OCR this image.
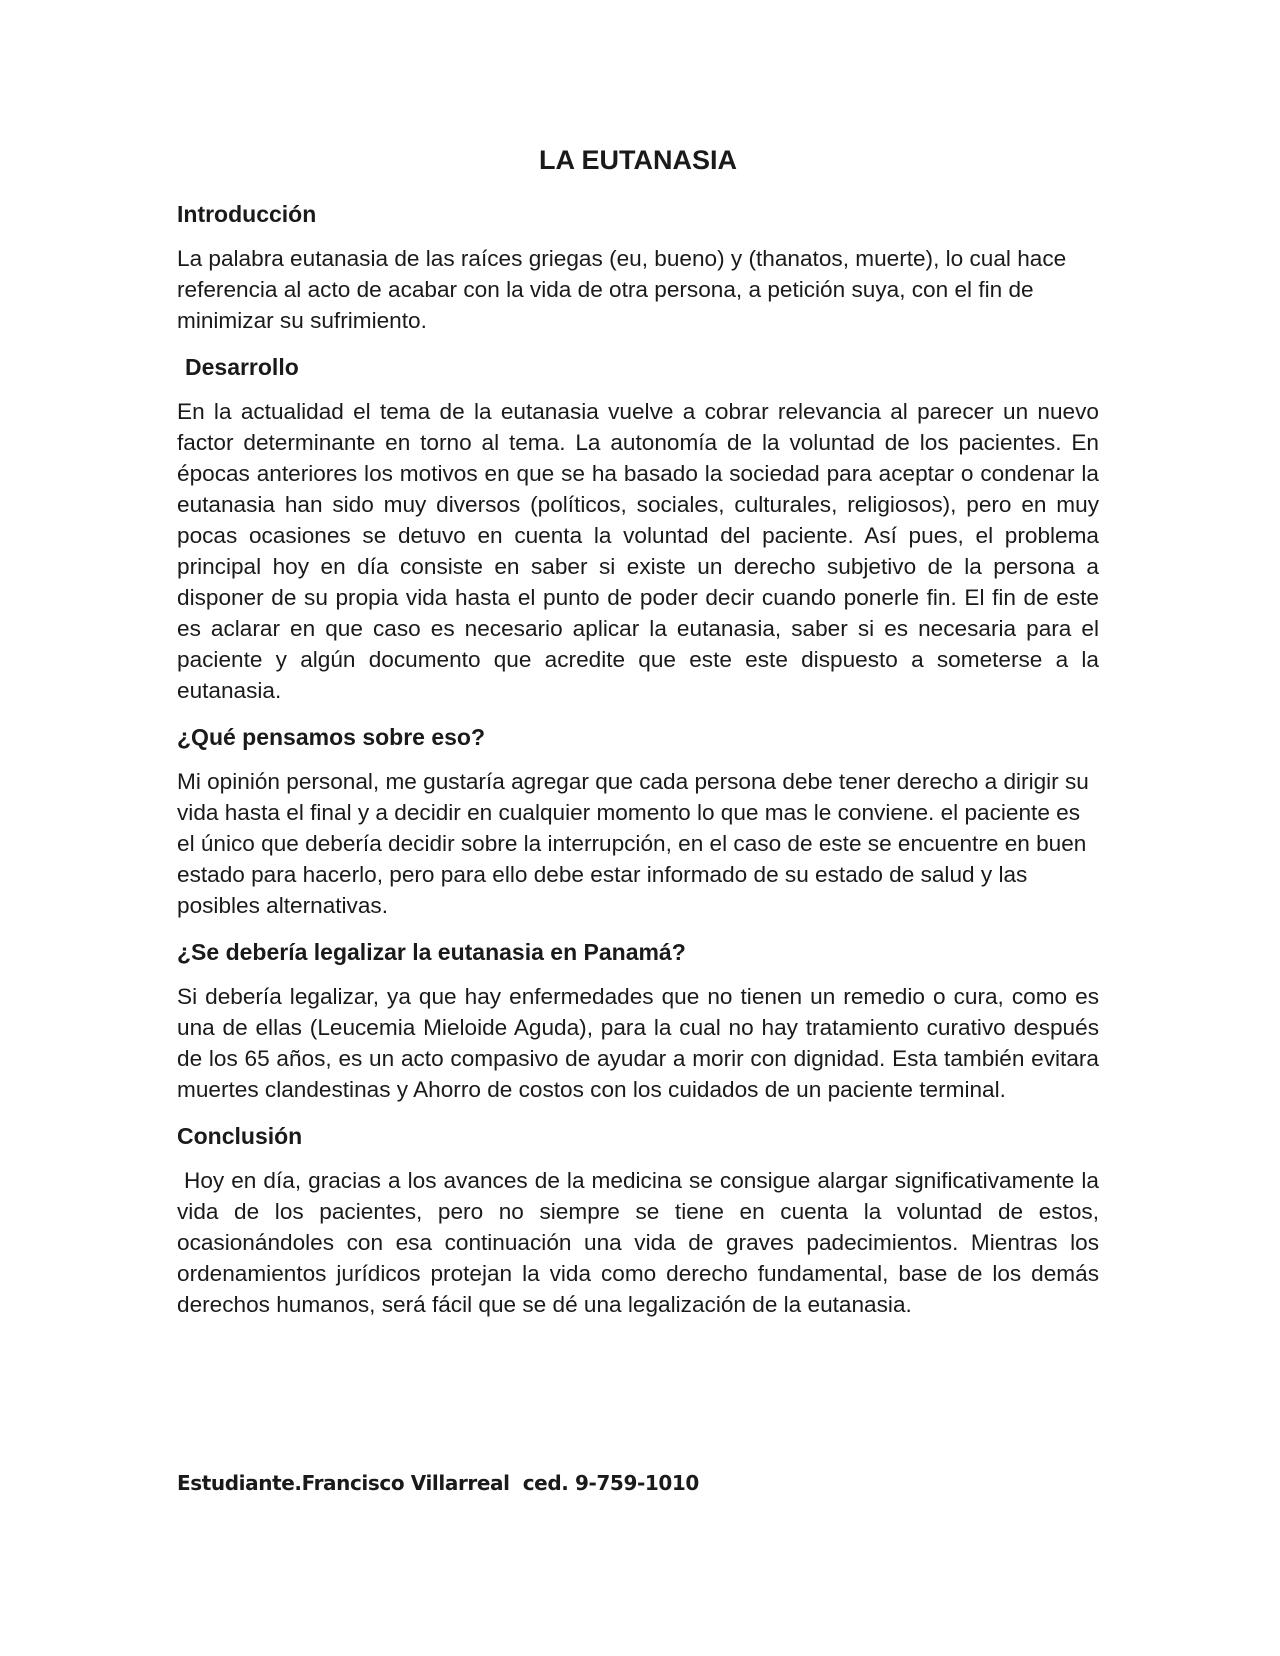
LA EUTANASIA
Introducción

La palabra eutanasia de las raíces griegas (eu, bueno) y (thanatos, muerte), lo cual hace referencia al acto de acabar con la vida de otra persona, a petición suya, con el fin de minimizar su sufrimiento.

Desarrollo

En la actualidad el tema de la eutanasia vuelve a cobrar relevancia al parecer un nuevo factor determinante en torno al tema. La autonomía de la voluntad de los pacientes. En épocas anteriores los motivos en que se ha basado la sociedad para aceptar o condenar la eutanasia han sido muy diversos (políticos, sociales, culturales, religiosos), pero en muy pocas ocasiones se detuvo en cuenta la voluntad del paciente. Así pues, el problema principal hoy en día consiste en saber si existe un derecho subjetivo de la persona a disponer de su propia vida hasta el punto de poder decir cuando ponerle fin. El fin de este es aclarar en que caso es necesario aplicar la eutanasia, saber si es necesaria para el paciente y algún documento que acredite que este este dispuesto a someterse a la eutanasia.

¿Qué pensamos sobre eso?

Mi opinión personal, me gustaría agregar que cada persona debe tener derecho a dirigir su vida hasta el final y a decidir en cualquier momento lo que mas le conviene. el paciente es el único que debería decidir sobre la interrupción, en el caso de este se encuentre en buen estado para hacerlo, pero para ello debe estar informado de su estado de salud y las posibles alternativas.

¿Se debería legalizar la eutanasia en Panamá?

Si debería legalizar, ya que hay enfermedades que no tienen un remedio o cura, como es una de ellas (Leucemia Mieloide Aguda), para la cual no hay tratamiento curativo después de los 65 años, es un acto compasivo de ayudar a morir con dignidad. Esta también evitara muertes clandestinas y Ahorro de costos con los cuidados de un paciente terminal.

Conclusión

Hoy en día, gracias a los avances de la medicina se consigue alargar significativamente la vida de los pacientes, pero no siempre se tiene en cuenta la voluntad de estos, ocasionándoles con esa continuación una vida de graves padecimientos. Mientras los ordenamientos jurídicos protejan la vida como derecho fundamental, base de los demás derechos humanos, será fácil que se dé una legalización de la eutanasia.

Estudiante.Francisco Villarreal  ced. 9-759-1010
